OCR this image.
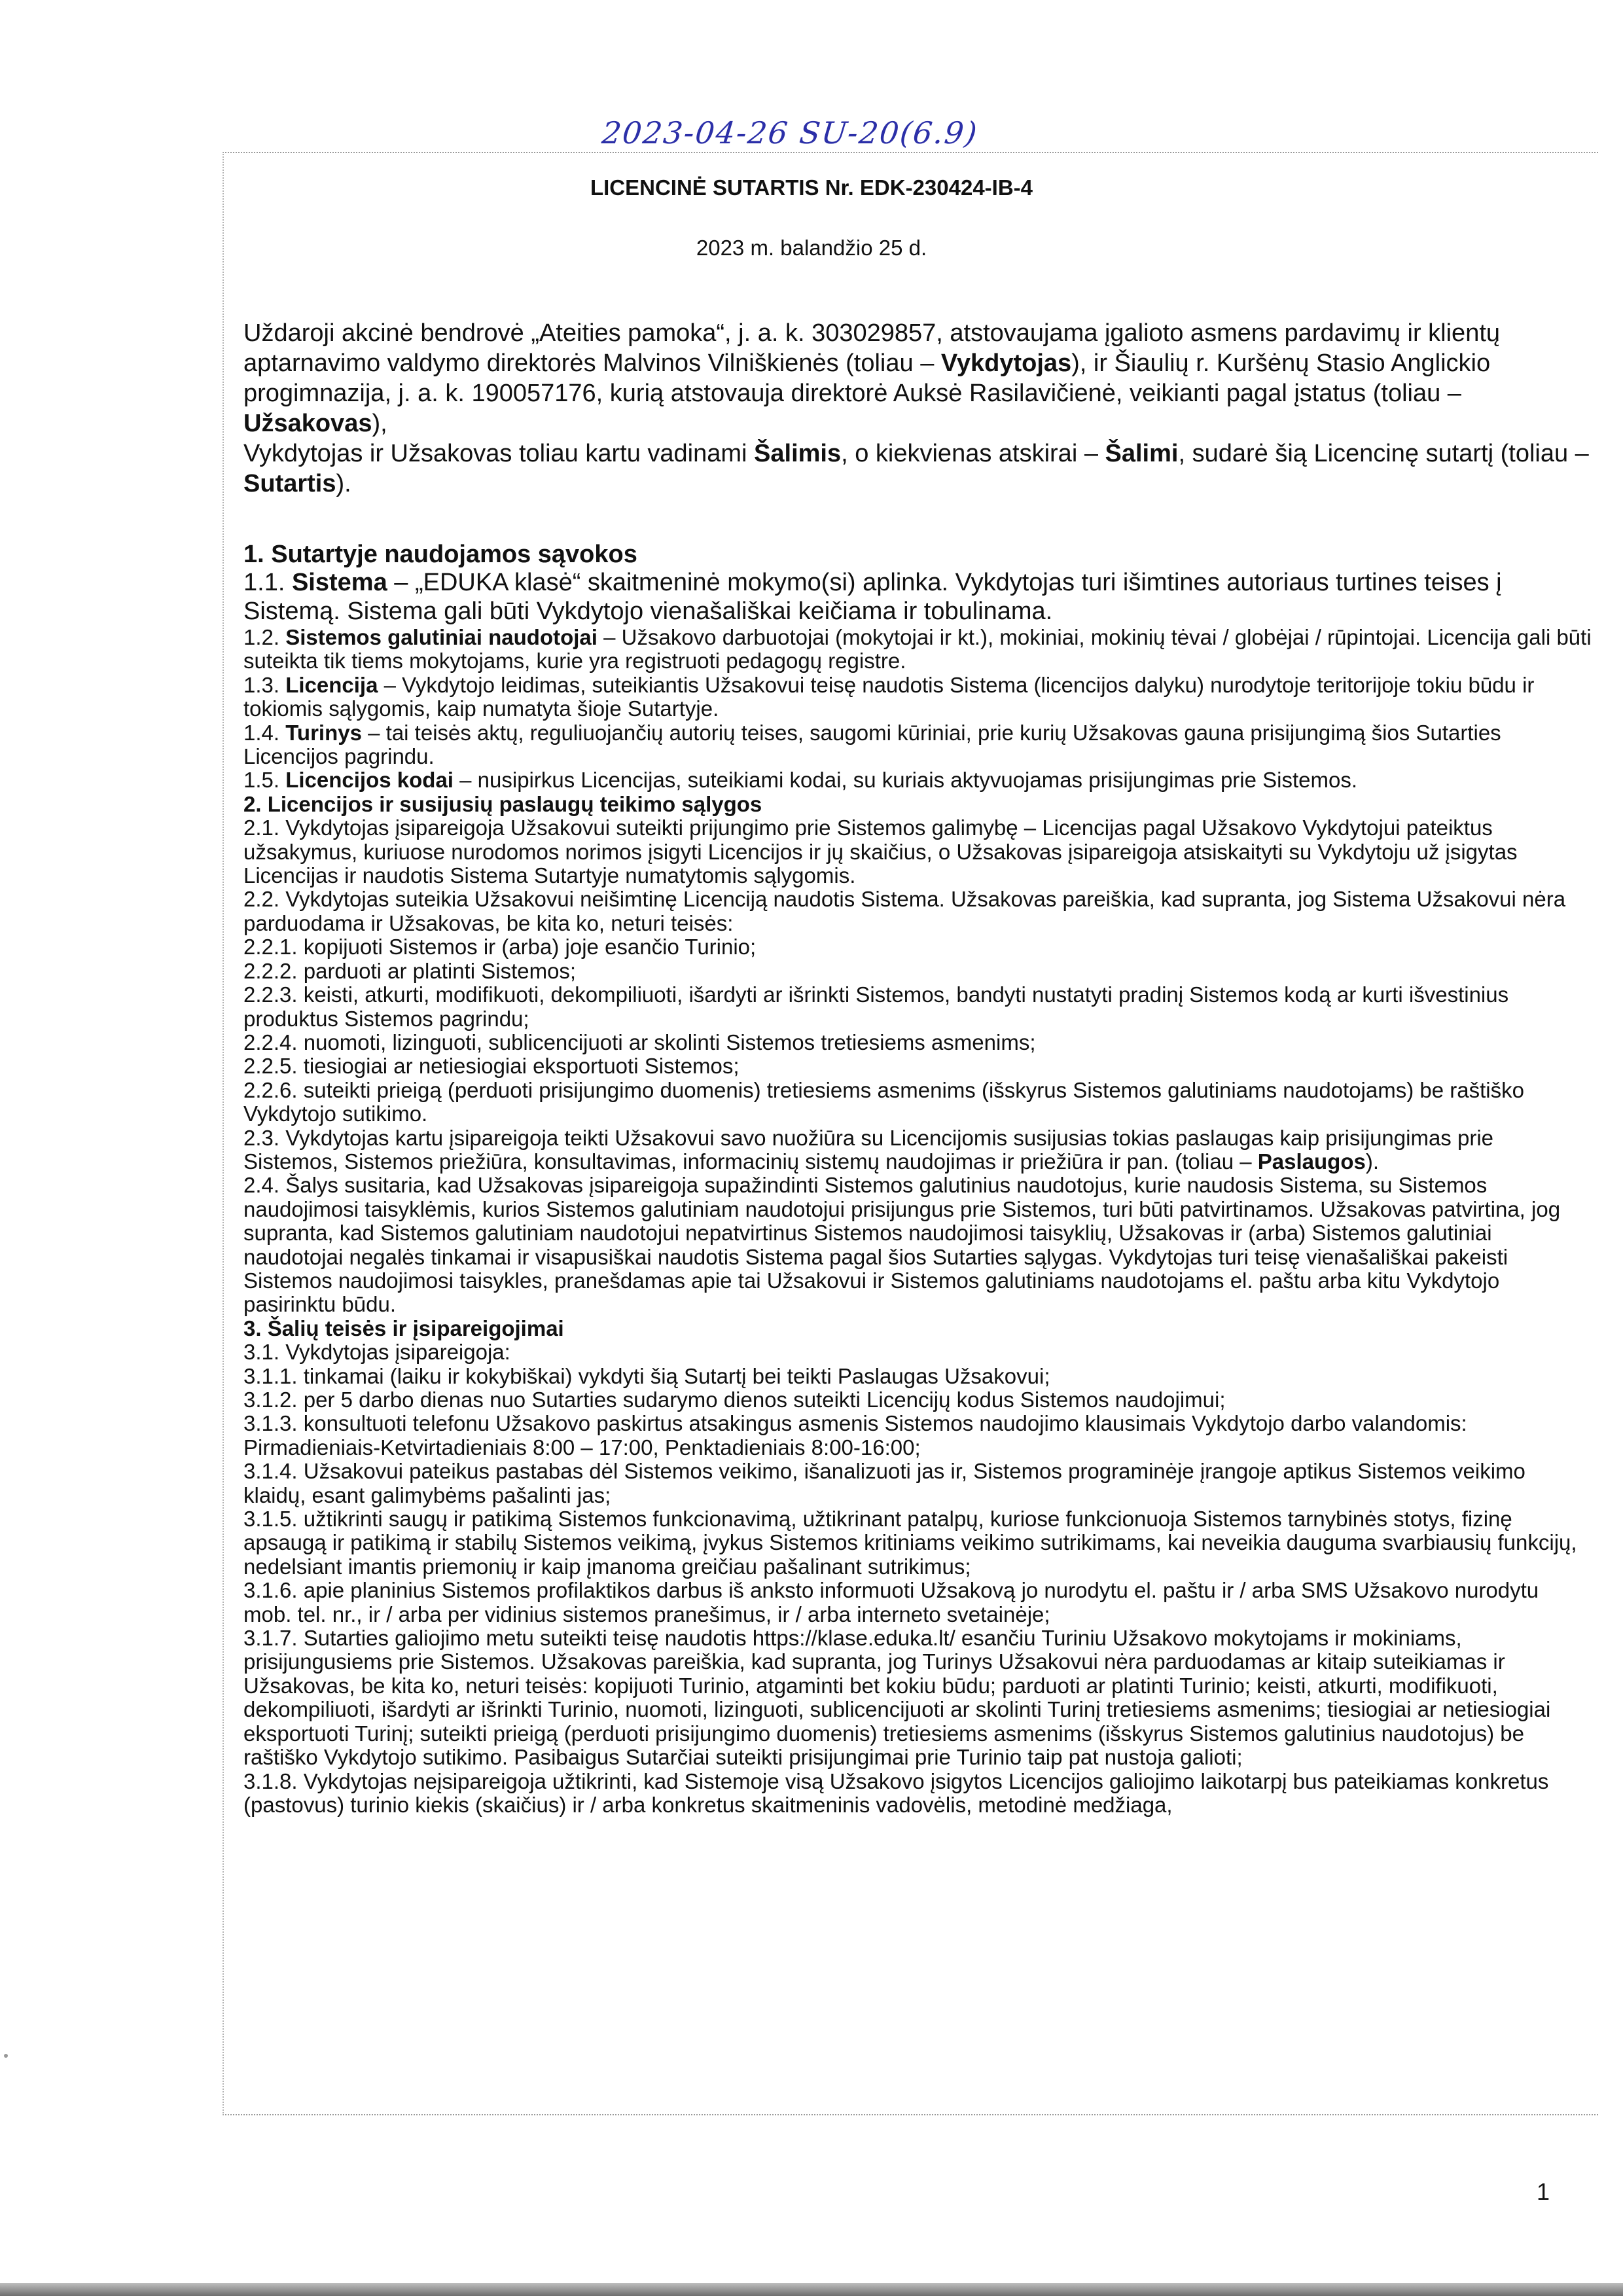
2023-04-26 SU-20(6.9)
LICENCINĖ SUTARTIS Nr. EDK-230424-IB-4
2023 m. balandžio 25 d.

Uždaroji akcinė bendrovė „Ateities pamoka“, j. a. k. 303029857, atstovaujama įgalioto asmens pardavimų ir klientų aptarnavimo valdymo direktorės Malvinos Vilniškienės (toliau – Vykdytojas), ir Šiaulių r. Kuršėnų Stasio Anglickio progimnazija, j. a. k. 190057176, kurią atstovauja direktorė Auksė Rasilavičienė, veikianti pagal įstatus (toliau – Užsakovas),
Vykdytojas ir Užsakovas toliau kartu vadinami Šalimis, o kiekvienas atskirai – Šalimi, sudarė šią Licencinę sutartį (toliau – Sutartis).

1. Sutartyje naudojamos sąvokos

1.1. Sistema – „EDUKA klasė“ skaitmeninė mokymo(si) aplinka. Vykdytojas turi išimtines autoriaus turtines teises į Sistemą. Sistema gali būti Vykdytojo vienašališkai keičiama ir tobulinama.

1.2. Sistemos galutiniai naudotojai – Užsakovo darbuotojai (mokytojai ir kt.), mokiniai, mokinių tėvai / globėjai / rūpintojai. Licencija gali būti suteikta tik tiems mokytojams, kurie yra registruoti pedagogų registre.

1.3. Licencija – Vykdytojo leidimas, suteikiantis Užsakovui teisę naudotis Sistema (licencijos dalyku) nurodytoje teritorijoje tokiu būdu ir tokiomis sąlygomis, kaip numatyta šioje Sutartyje.

1.4. Turinys – tai teisės aktų, reguliuojančių autorių teises, saugomi kūriniai, prie kurių Užsakovas gauna prisijungimą šios Sutarties Licencijos pagrindu.

1.5. Licencijos kodai – nusipirkus Licencijas, suteikiami kodai, su kuriais aktyvuojamas prisijungimas prie Sistemos.

2. Licencijos ir susijusių paslaugų teikimo sąlygos

2.1. Vykdytojas įsipareigoja Užsakovui suteikti prijungimo prie Sistemos galimybę – Licencijas pagal Užsakovo Vykdytojui pateiktus užsakymus, kuriuose nurodomos norimos įsigyti Licencijos ir jų skaičius, o Užsakovas įsipareigoja atsiskaityti su Vykdytoju už įsigytas Licencijas ir naudotis Sistema Sutartyje numatytomis sąlygomis.

2.2. Vykdytojas suteikia Užsakovui neišimtinę Licenciją naudotis Sistema. Užsakovas pareiškia, kad supranta, jog Sistema Užsakovui nėra parduodama ir Užsakovas, be kita ko, neturi teisės:

2.2.1. kopijuoti Sistemos ir (arba) joje esančio Turinio;

2.2.2. parduoti ar platinti Sistemos;

2.2.3. keisti, atkurti, modifikuoti, dekompiliuoti, išardyti ar išrinkti Sistemos, bandyti nustatyti pradinį Sistemos kodą ar kurti išvestinius produktus Sistemos pagrindu;

2.2.4. nuomoti, lizinguoti, sublicencijuoti ar skolinti Sistemos tretiesiems asmenims;

2.2.5. tiesiogiai ar netiesiogiai eksportuoti Sistemos;

2.2.6. suteikti prieigą (perduoti prisijungimo duomenis) tretiesiems asmenims (išskyrus Sistemos galutiniams naudotojams) be raštiško Vykdytojo sutikimo.

2.3. Vykdytojas kartu įsipareigoja teikti Užsakovui savo nuožiūra su Licencijomis susijusias tokias paslaugas kaip prisijungimas prie Sistemos, Sistemos priežiūra, konsultavimas, informacinių sistemų naudojimas ir priežiūra ir pan. (toliau – Paslaugos).

2.4. Šalys susitaria, kad Užsakovas įsipareigoja supažindinti Sistemos galutinius naudotojus, kurie naudosis Sistema, su Sistemos naudojimosi taisyklėmis, kurios Sistemos galutiniam naudotojui prisijungus prie Sistemos, turi būti patvirtinamos. Užsakovas patvirtina, jog supranta, kad Sistemos galutiniam naudotojui nepatvirtinus Sistemos naudojimosi taisyklių, Užsakovas ir (arba) Sistemos galutiniai naudotojai negalės tinkamai ir visapusiškai naudotis Sistema pagal šios Sutarties sąlygas. Vykdytojas turi teisę vienašališkai pakeisti Sistemos naudojimosi taisykles, pranešdamas apie tai Užsakovui ir Sistemos galutiniams naudotojams el. paštu arba kitu Vykdytojo pasirinktu būdu.

3. Šalių teisės ir įsipareigojimai

3.1. Vykdytojas įsipareigoja:

3.1.1. tinkamai (laiku ir kokybiškai) vykdyti šią Sutartį bei teikti Paslaugas Užsakovui;

3.1.2. per 5 darbo dienas nuo Sutarties sudarymo dienos suteikti Licencijų kodus Sistemos naudojimui;

3.1.3. konsultuoti telefonu Užsakovo paskirtus atsakingus asmenis Sistemos naudojimo klausimais Vykdytojo darbo valandomis: Pirmadieniais-Ketvirtadieniais 8:00 – 17:00, Penktadieniais 8:00-16:00;

3.1.4. Užsakovui pateikus pastabas dėl Sistemos veikimo, išanalizuoti jas ir, Sistemos programinėje įrangoje aptikus Sistemos veikimo klaidų, esant galimybėms pašalinti jas;

3.1.5. užtikrinti saugų ir patikimą Sistemos funkcionavimą, užtikrinant patalpų, kuriose funkcionuoja Sistemos tarnybinės stotys, fizinę apsaugą ir patikimą ir stabilų Sistemos veikimą, įvykus Sistemos kritiniams veikimo sutrikimams, kai neveikia dauguma svarbiausių funkcijų, nedelsiant imantis priemonių ir kaip įmanoma greičiau pašalinant sutrikimus;

3.1.6. apie planinius Sistemos profilaktikos darbus iš anksto informuoti Užsakovą jo nurodytu el. paštu ir / arba SMS Užsakovo nurodytu mob. tel. nr., ir / arba per vidinius sistemos pranešimus, ir / arba interneto svetainėje;

3.1.7. Sutarties galiojimo metu suteikti teisę naudotis https://klase.eduka.lt/ esančiu Turiniu Užsakovo mokytojams ir mokiniams, prisijungusiems prie Sistemos. Užsakovas pareiškia, kad supranta, jog Turinys Užsakovui nėra parduodamas ar kitaip suteikiamas ir Užsakovas, be kita ko, neturi teisės: kopijuoti Turinio, atgaminti bet kokiu būdu; parduoti ar platinti Turinio; keisti, atkurti, modifikuoti, dekompiliuoti, išardyti ar išrinkti Turinio, nuomoti, lizinguoti, sublicencijuoti ar skolinti Turinį tretiesiems asmenims; tiesiogiai ar netiesiogiai eksportuoti Turinį; suteikti prieigą (perduoti prisijungimo duomenis) tretiesiems asmenims (išskyrus Sistemos galutinius naudotojus) be raštiško Vykdytojo sutikimo. Pasibaigus Sutarčiai suteikti prisijungimai prie Turinio taip pat nustoja galioti;

3.1.8. Vykdytojas neįsipareigoja užtikrinti, kad Sistemoje visą Užsakovo įsigytos Licencijos galiojimo laikotarpį bus pateikiamas konkretus (pastovus) turinio kiekis (skaičius) ir / arba konkretus skaitmeninis vadovėlis, metodinė medžiaga,

1
